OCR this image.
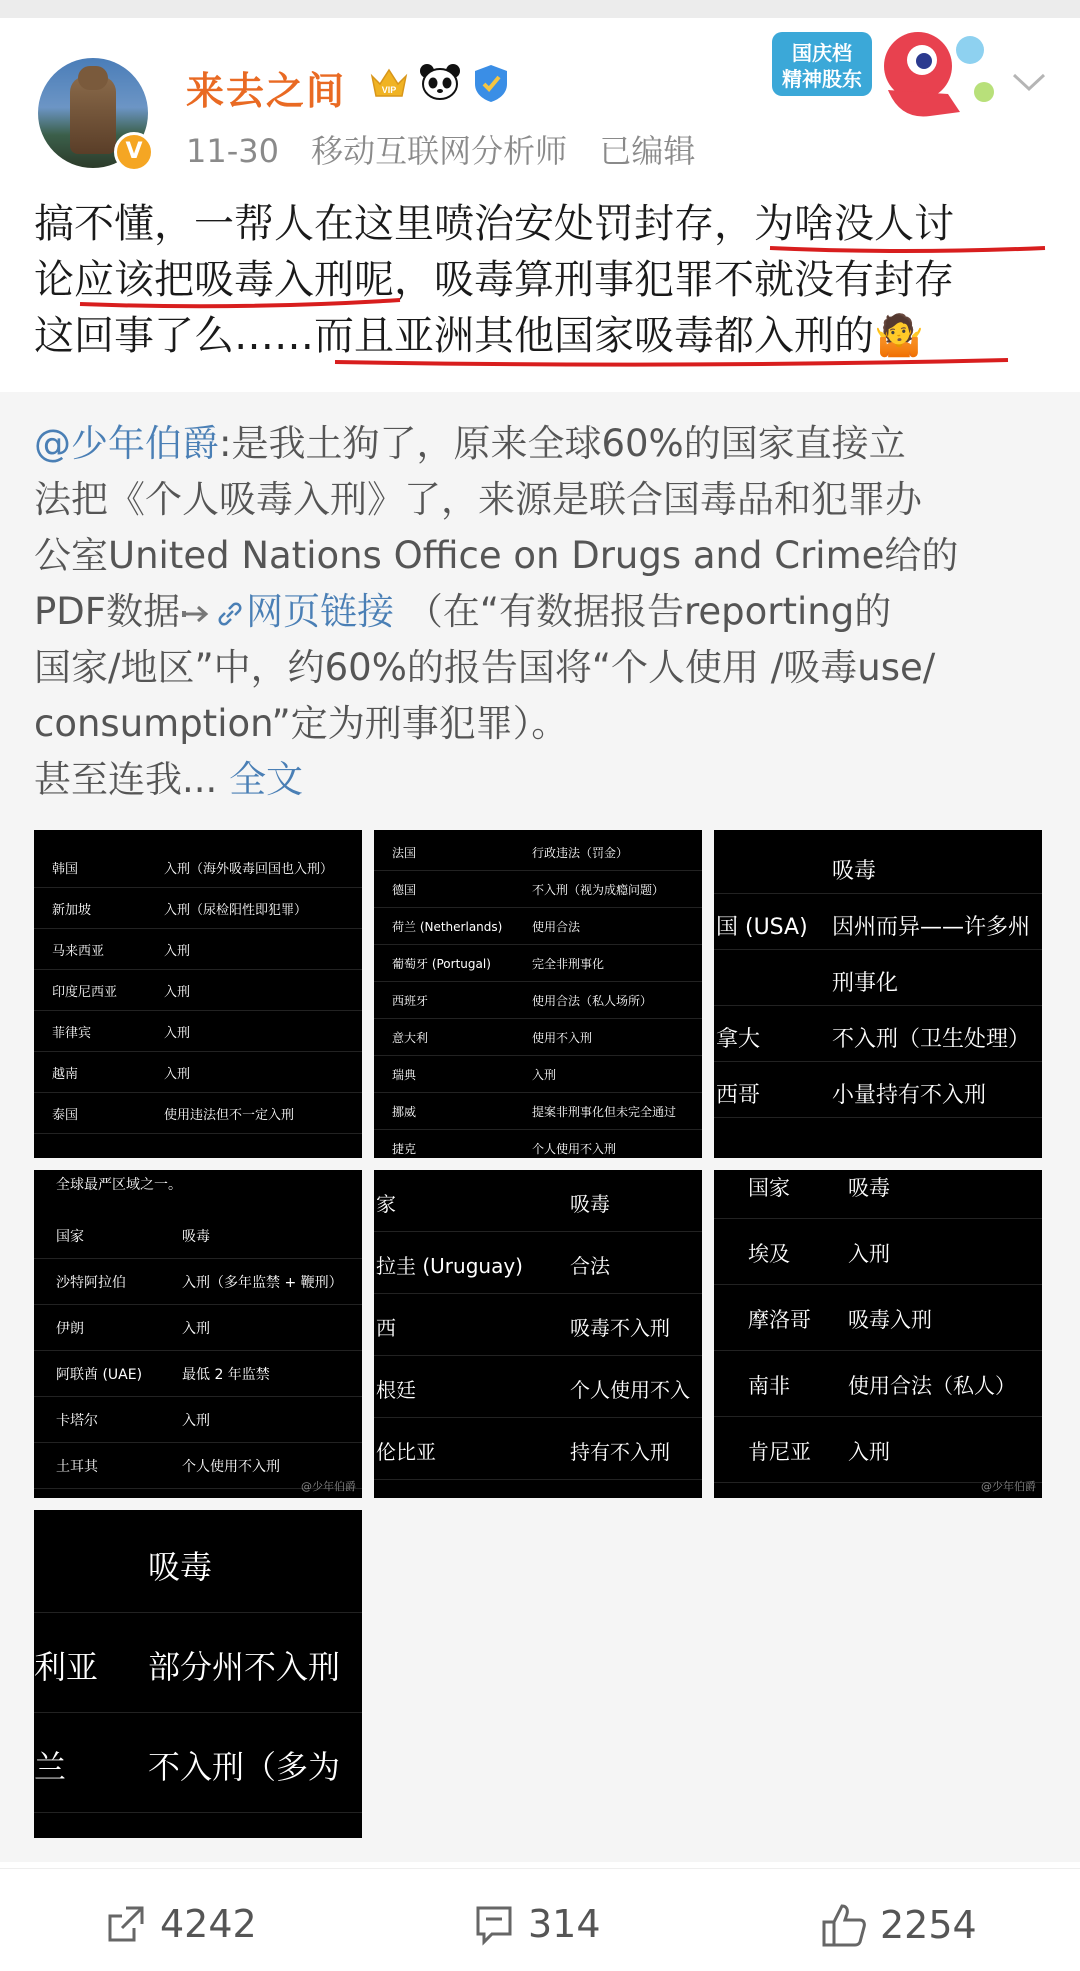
V
来去之间	VIP
11-30 移动互联网分析师 已编辑
国庆档
精神股东
搞不懂，一帮人在这里喷治安处罚封存，为啥没人讨
论应该把吸毒入刑呢，吸毒算刑事犯罪不就没有封存
这回事了么……而且亚洲其他国家吸毒都入刑的🤷
@少年伯爵:是我土狗了，原来全球60%的国家直接立
法把《个人吸毒入刑》了，来源是联合国毒品和犯罪办
公室United Nations Office on Drugs and Crime给的
PDF数据 网页链接 （在“有数据报告reporting的
国家/地区”中，约60%的报告国将“个人使用 /吸毒use/
consumption”定为刑事犯罪）。
甚至连我... 全文
韩国	入刑（海外吸毒回国也入刑）
新加坡	入刑（尿检阳性即犯罪）
马来西亚	入刑
印度尼西亚	入刑
菲律宾	入刑
越南	入刑
泰国	使用违法但不一定入刑
法国	行政违法（罚金）
德国	不入刑（视为成瘾问题）
荷兰 (Netherlands) 使用合法
葡萄牙 (Portugal)	完全非刑事化
西班牙	使用合法（私人场所）
意大利	使用不入刑
瑞典	入刑
挪威	提案非刑事化但未完全通过
捷克	个人使用不入刑
吸毒
国 (USA) 因州而异——许多州
刑事化
拿大	不入刑（卫生处理）
西哥	小量持有不入刑
全球最严区域之一。
国家	吸毒
沙特阿拉伯	入刑（多年监禁 + 鞭刑）
伊朗	入刑
阿联酋 (UAE)	最低 2 年监禁
卡塔尔	入刑
土耳其	个人使用不入刑
@少年伯爵
家	吸毒
拉圭 (Uruguay) 合法
西	吸毒不入刑
根廷	个人使用不入
伦比亚	持有不入刑
国家	吸毒
埃及	入刑
摩洛哥 吸毒入刑
南非	使用合法（私人）
肯尼亚 入刑
@少年伯爵
吸毒
利亚 部分州不入刑
兰	不入刑（多为
4242	314	2254
